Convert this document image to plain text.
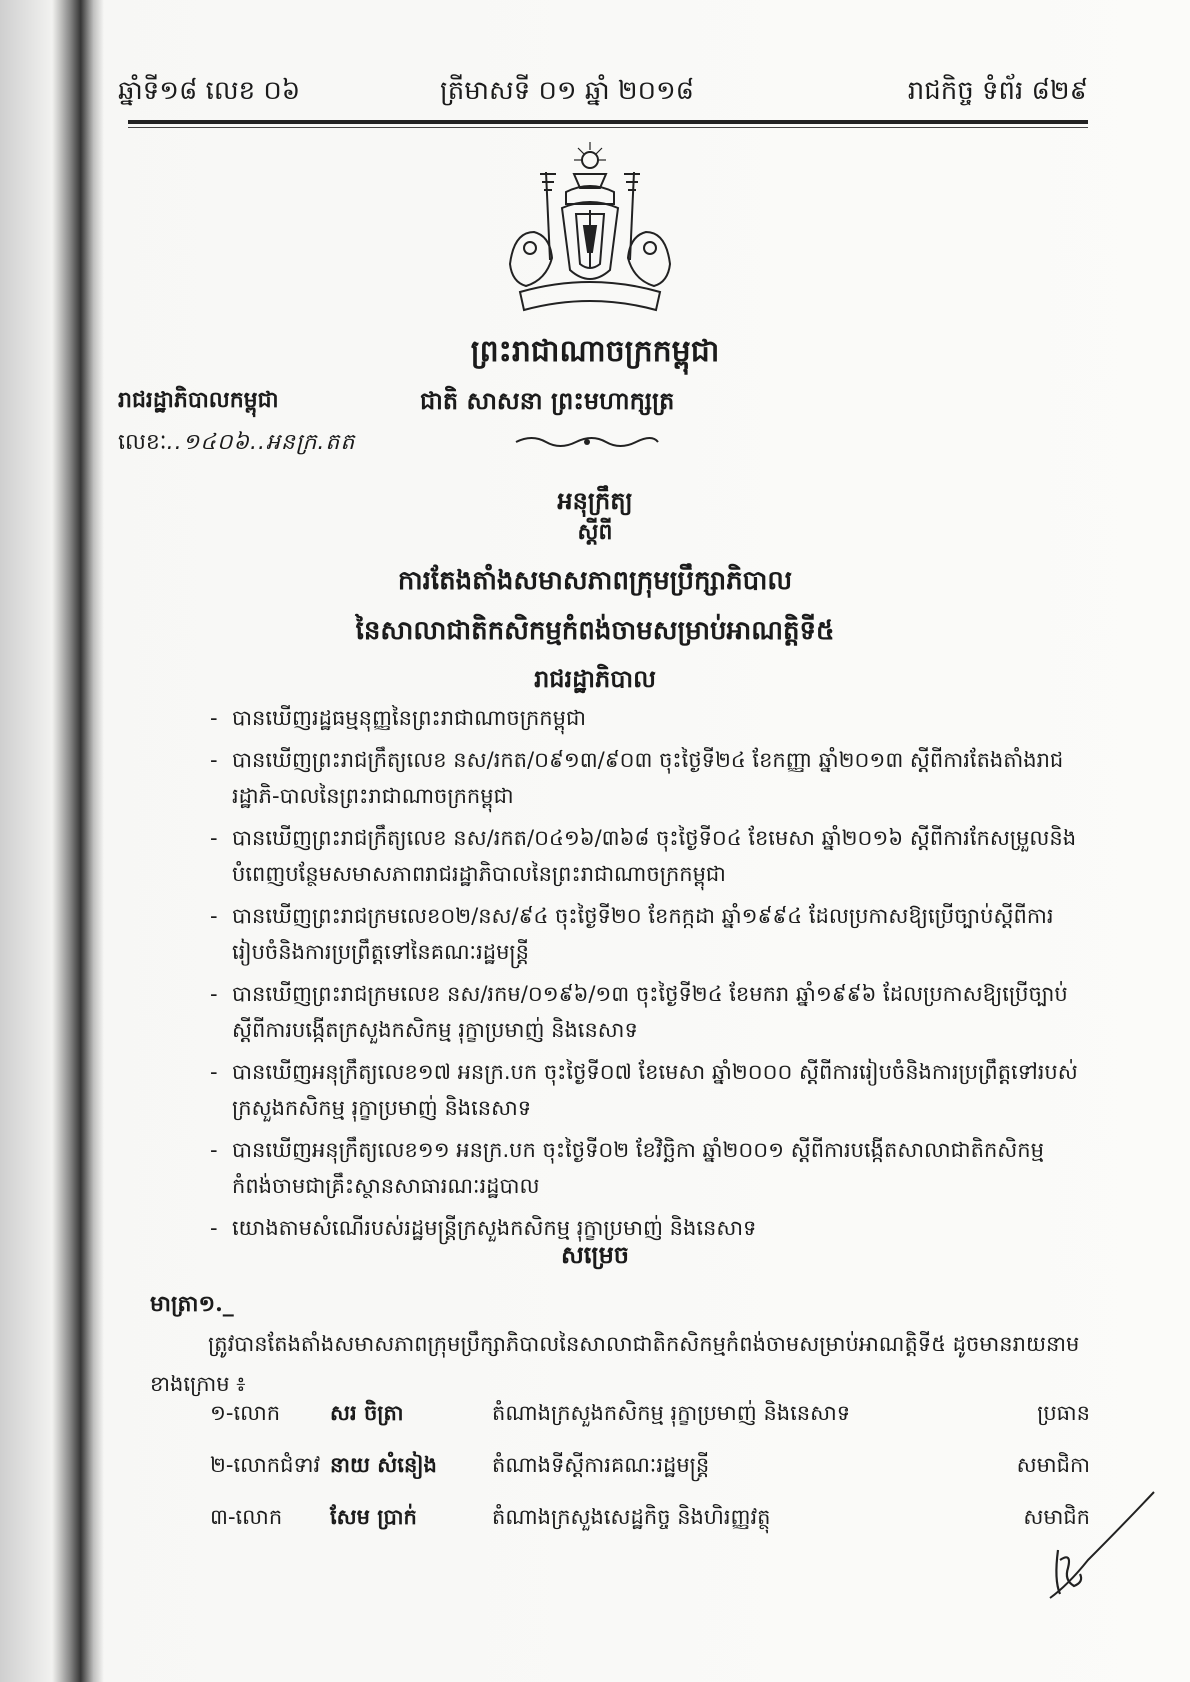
ឆ្នាំទី១៨ លេខ ០៦	ត្រីមាសទី ០១ ឆ្នាំ ២០១៨	រាជកិច្ច ទំព័រ ៨២៩
ព្រះរាជាណាចក្រកម្ពុជា
រាជរដ្ឋាភិបាលកម្ពុជា	ជាតិ សាសនា ព្រះមហាក្សត្រ
លេខៈ..១៤០៦..អនក្រ.តត
អនុក្រឹត្យ
ស្តីពី
ការតែងតាំងសមាសភាពក្រុមប្រឹក្សាភិបាល
នៃសាលាជាតិកសិកម្មកំពង់ចាមសម្រាប់អាណត្តិទី៥
រាជរដ្ឋាភិបាល
- បានឃើញរដ្ឋធម្មនុញ្ញនៃព្រះរាជាណាចក្រកម្ពុជា
- បានឃើញព្រះរាជក្រឹត្យលេខ នស/រកត/០៩១៣/៩០៣ ចុះថ្ងៃទី២៤ ខែកញ្ញា ឆ្នាំ២០១៣ ស្តីពីការតែងតាំងរាជរដ្ឋាភិ-បាលនៃព្រះរាជាណាចក្រកម្ពុជា
- បានឃើញព្រះរាជក្រឹត្យលេខ នស/រកត/០៤១៦/៣៦៨ ចុះថ្ងៃទី០៤ ខែមេសា ឆ្នាំ២០១៦ ស្តីពីការកែសម្រួលនិងបំពេញបន្ថែមសមាសភាពរាជរដ្ឋាភិបាលនៃព្រះរាជាណាចក្រកម្ពុជា
- បានឃើញព្រះរាជក្រមលេខ០២/នស/៩៤ ចុះថ្ងៃទី២០ ខែកក្កដា ឆ្នាំ១៩៩៤ ដែលប្រកាសឱ្យប្រើច្បាប់ស្តីពីការរៀបចំនិងការប្រព្រឹត្តទៅនៃគណៈរដ្ឋមន្ត្រី
- បានឃើញព្រះរាជក្រមលេខ នស/រកម/០១៩៦/១៣ ចុះថ្ងៃទី២៤ ខែមករា ឆ្នាំ១៩៩៦ ដែលប្រកាសឱ្យប្រើច្បាប់ស្តីពីការបង្កើតក្រសួងកសិកម្ម រុក្ខាប្រមាញ់ និងនេសាទ
- បានឃើញអនុក្រឹត្យលេខ១៧ អនក្រ.បក ចុះថ្ងៃទី០៧ ខែមេសា ឆ្នាំ២០០០ ស្តីពីការរៀបចំនិងការប្រព្រឹត្តទៅរបស់ក្រសួងកសិកម្ម រុក្ខាប្រមាញ់ និងនេសាទ
- បានឃើញអនុក្រឹត្យលេខ១១ អនក្រ.បក ចុះថ្ងៃទី០២ ខែវិច្ឆិកា ឆ្នាំ២០០១ ស្តីពីការបង្កើតសាលាជាតិកសិកម្មកំពង់ចាមជាគ្រឹះស្ថានសាធារណៈរដ្ឋបាល
- យោងតាមសំណើរបស់រដ្ឋមន្ត្រីក្រសួងកសិកម្ម រុក្ខាប្រមាញ់ និងនេសាទ
សម្រេច
មាត្រា១._
ត្រូវបានតែងតាំងសមាសភាពក្រុមប្រឹក្សាភិបាលនៃសាលាជាតិកសិកម្មកំពង់ចាមសម្រាប់អាណត្តិទី៥ ដូចមានរាយនាមខាងក្រោម ៖
១-លោក សរ ចិត្រា	តំណាងក្រសួងកសិកម្ម រុក្ខាប្រមាញ់ និងនេសាទ	ប្រធាន
២-លោកជំទាវ នាយ សំនៀង	តំណាងទីស្តីការគណៈរដ្ឋមន្ត្រី	សមាជិកា
៣-លោក សែម ប្រាក់	តំណាងក្រសួងសេដ្ឋកិច្ច និងហិរញ្ញវត្ថុ	សមាជិក
